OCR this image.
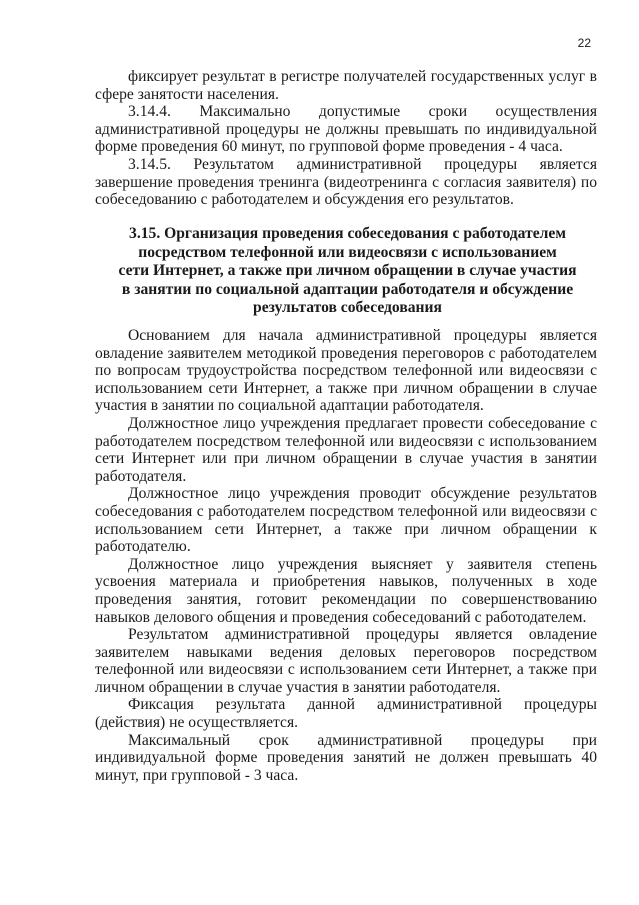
22

фиксирует результат в регистре получателей государственных услуг в сфере занятости населения.

3.14.4. Максимально допустимые сроки осуществления административной процедуры не должны превышать по индивидуальной форме проведения 60 минут, по групповой форме проведения - 4 часа.

3.14.5. Результатом административной процедуры является завершение проведения тренинга (видеотренинга с согласия заявителя) по собеседованию с работодателем и обсуждения его результатов.

3.15. Организация проведения собеседования с работодателем
посредством телефонной или видеосвязи с использованием
сети Интернет, а также при личном обращении в случае участия
в занятии по социальной адаптации работодателя и обсуждение
результатов собеседования

Основанием для начала административной процедуры является овладение заявителем методикой проведения переговоров с работодателем по вопросам трудоустройства посредством телефонной или видеосвязи с использованием сети Интернет, а также при личном обращении в случае участия в занятии по социальной адаптации работодателя.

Должностное лицо учреждения предлагает провести собеседование с работодателем посредством телефонной или видеосвязи с использованием сети Интернет или при личном обращении в случае участия в занятии работодателя.

Должностное лицо учреждения проводит обсуждение результатов собеседования с работодателем посредством телефонной или видеосвязи с использованием сети Интернет, а также при личном обращении к работодателю.

Должностное лицо учреждения выясняет у заявителя степень усвоения материала и приобретения навыков, полученных в ходе проведения занятия, готовит рекомендации по совершенствованию навыков делового общения и проведения собеседований с работодателем.

Результатом административной процедуры является овладение заявителем навыками ведения деловых переговоров посредством телефонной или видеосвязи с использованием сети Интернет, а также при личном обращении в случае участия в занятии работодателя.

Фиксация результата данной административной процедуры (действия) не осуществляется.

Максимальный срок административной процедуры при индивидуальной форме проведения занятий не должен превышать 40 минут, при групповой - 3 часа.
